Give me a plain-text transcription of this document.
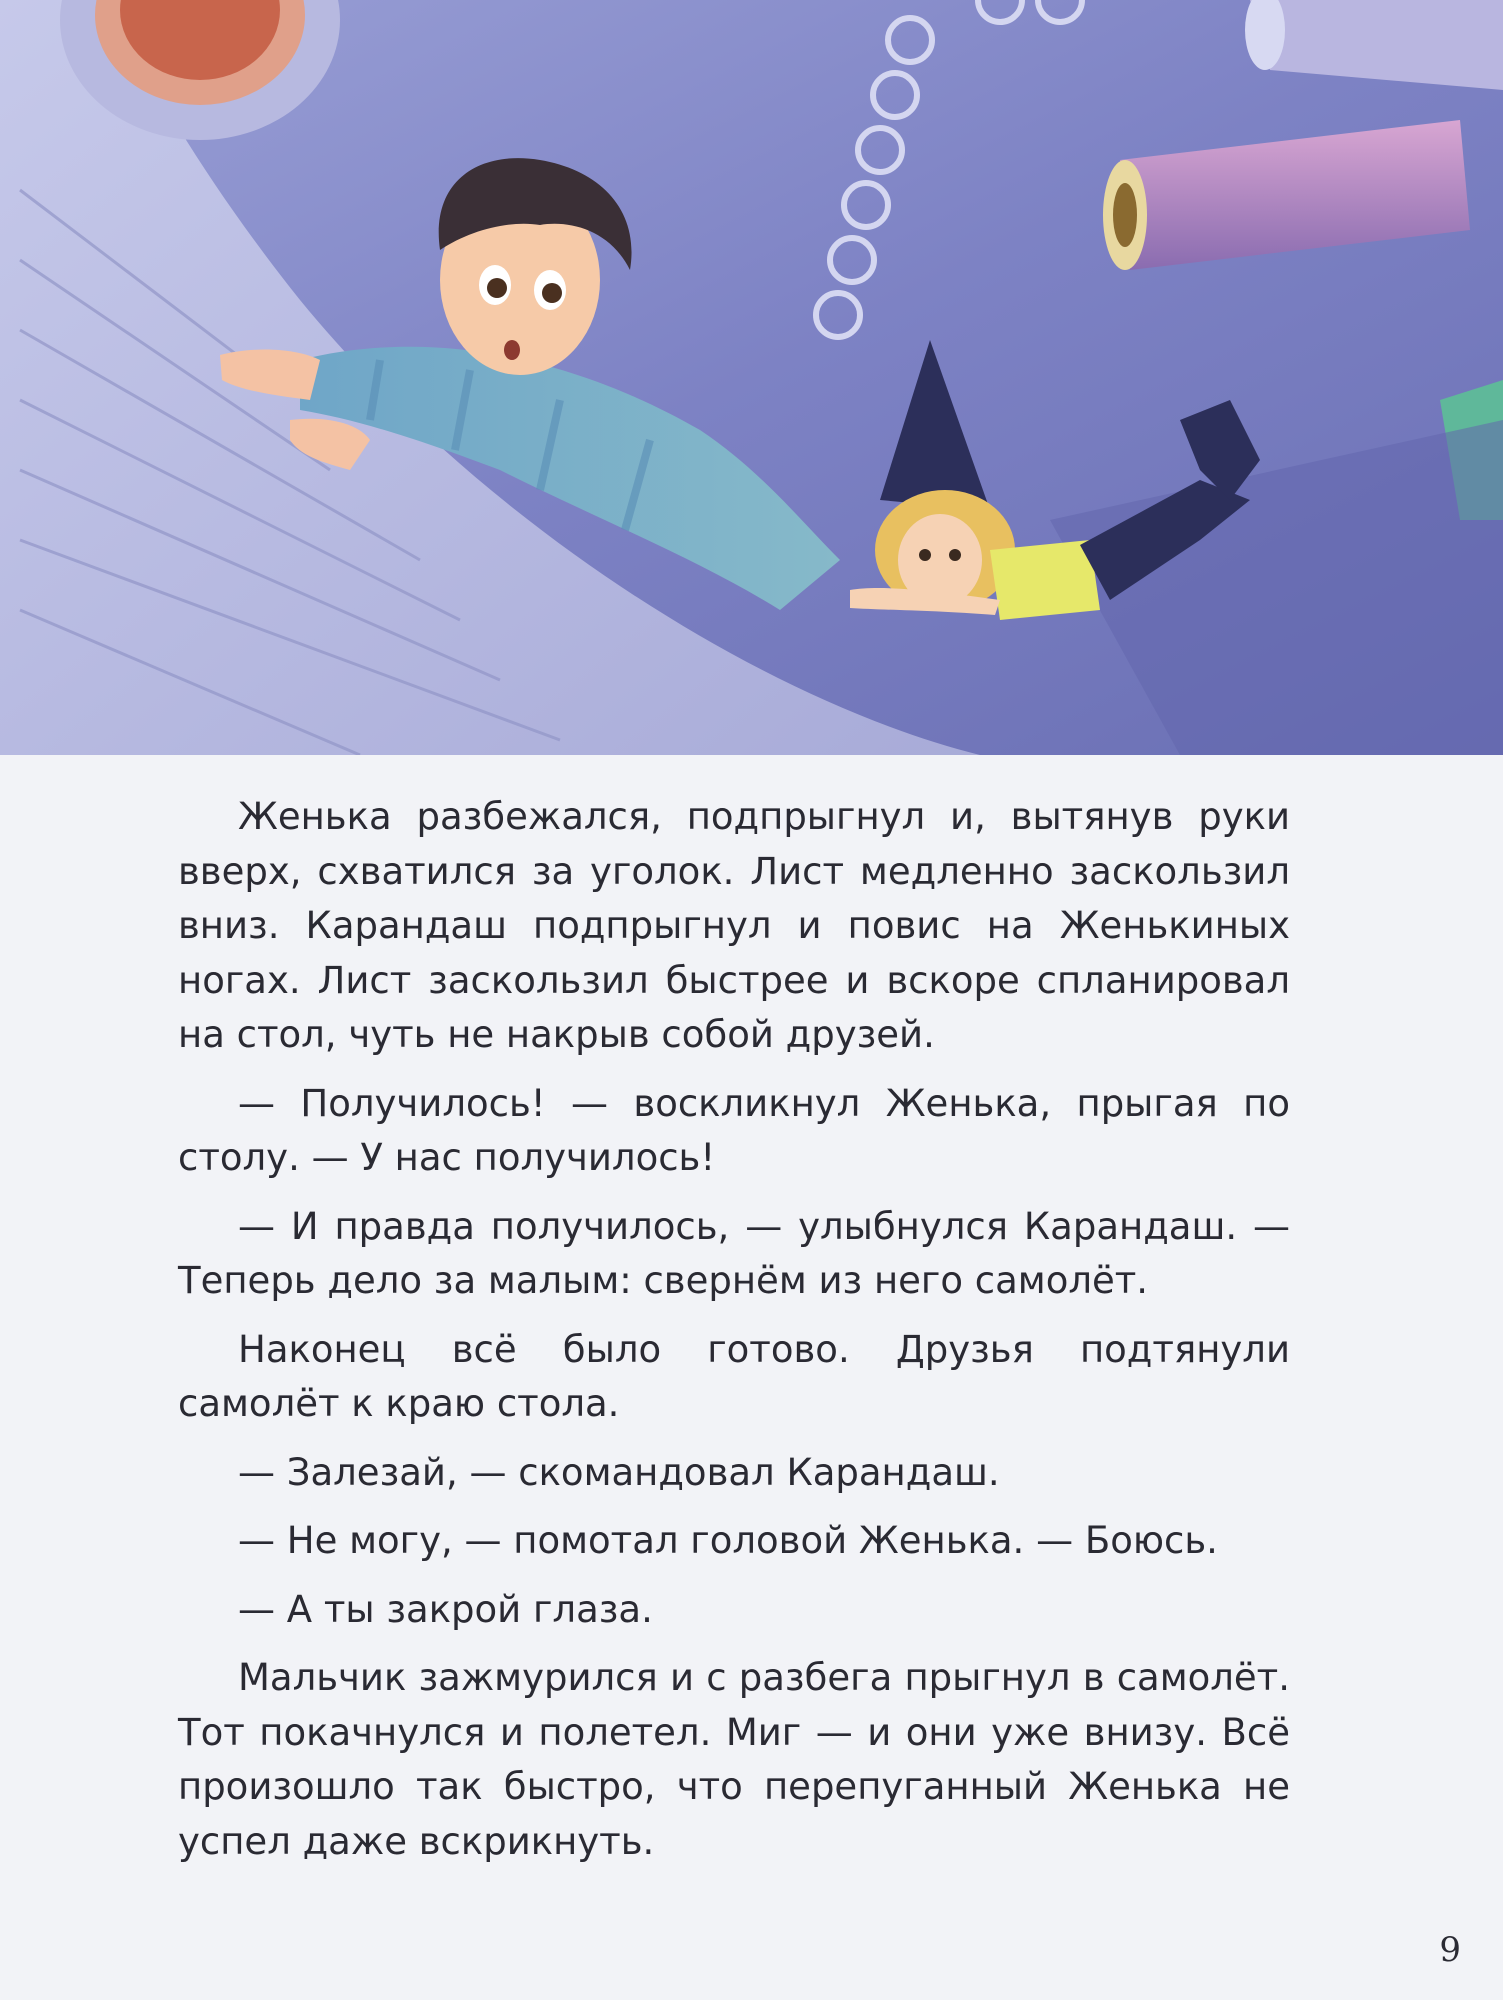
Женька разбежался, подпрыгнул и, вытянув руки вверх, схватился за уголок. Лист медленно заскользил вниз. Карандаш подпрыгнул и повис на Женькиных ногах. Лист заскользил быстрее и вскоре спланировал на стол, чуть не накрыв собой друзей.

— Получилось! — воскликнул Женька, прыгая по столу. — У нас получилось!

— И правда получилось, — улыбнулся Карандаш. — Теперь дело за малым: свернём из него самолёт.

Наконец всё было готово. Друзья подтянули самолёт к краю стола.

— Залезай, — скомандовал Карандаш.

— Не могу, — помотал головой Женька. — Боюсь.

— А ты закрой глаза.

Мальчик зажмурился и с разбега прыгнул в самолёт. Тот покачнулся и полетел. Миг — и они уже внизу. Всё произошло так быстро, что перепуганный Женька не успел даже вскрикнуть.

9
